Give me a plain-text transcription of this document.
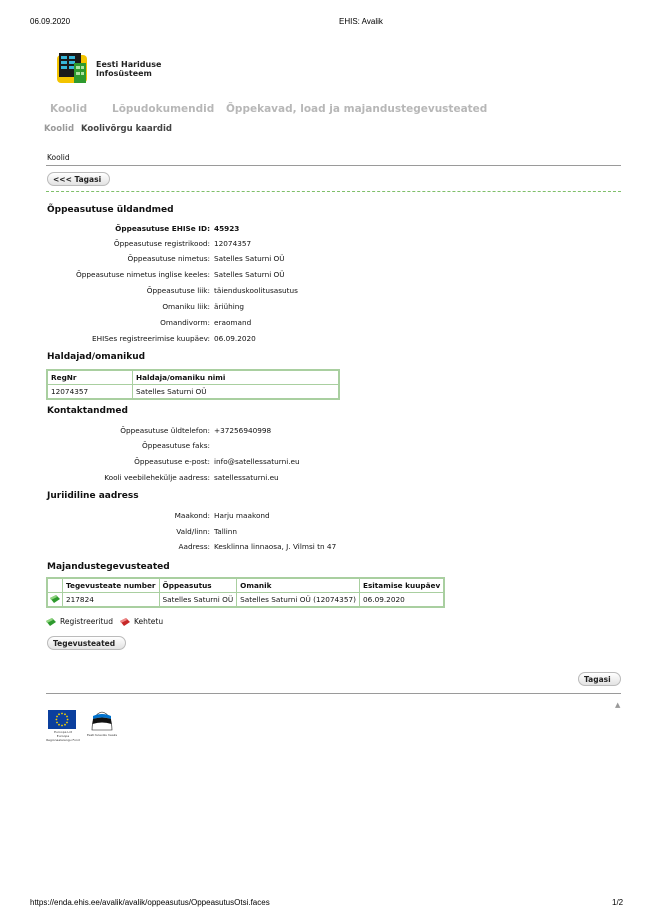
06.09.2020	EHIS: Avalik
Eesti Hariduse
Infosüsteem
Koolid Lõpudokumendid Õppekavad, load ja majandustegevusteated
Koolid Koolivõrgu kaardid
Koolid
<<< Tagasi
Õppeasutuse üldandmed
Õppeasutuse EHISe ID: 45923
Õppeasutuse registrikood: 12074357
Õppeasutuse nimetus: Satelles Saturni OÜ
Õppeasutuse nimetus inglise keeles: Satelles Saturni OÜ
Õppeasutuse liik: täienduskoolitusasutus
Omaniku liik: äriühing
Omandivorm: eraomand
EHISes registreerimise kuupäev: 06.09.2020
Haldajad/omanikud
RegNr	Haldaja/omaniku nimi
12074357	Satelles Saturni OÜ
Kontaktandmed
Õppeasutuse üldtelefon: +37256940998
Õppeasutuse faks:
Õppeasutuse e-post: info@satellessaturni.eu
Kooli veebilehekülje aadress: satellessaturni.eu
Juriidiline aadress
Maakond: Harju maakond
Vald/linn: Tallinn
Aadress: Kesklinna linnaosa, J. Vilmsi tn 47
Majandustegevusteated
	Tegevusteate number	Õppeasutus	Omanik	Esitamise kuupäev
	217824	Satelles Saturni OÜ	Satelles Saturni OÜ (12074357)	06.09.2020
Registreeritud	Kehtetu
Tegevusteated
Tagasi
▲
Euroopa Liit
Euroopa
Regionaalarengu Fond
Eesti tuleviku heaks
https://enda.ehis.ee/avalik/avalik/oppeasutus/OppeasutusOtsi.faces	1/2
